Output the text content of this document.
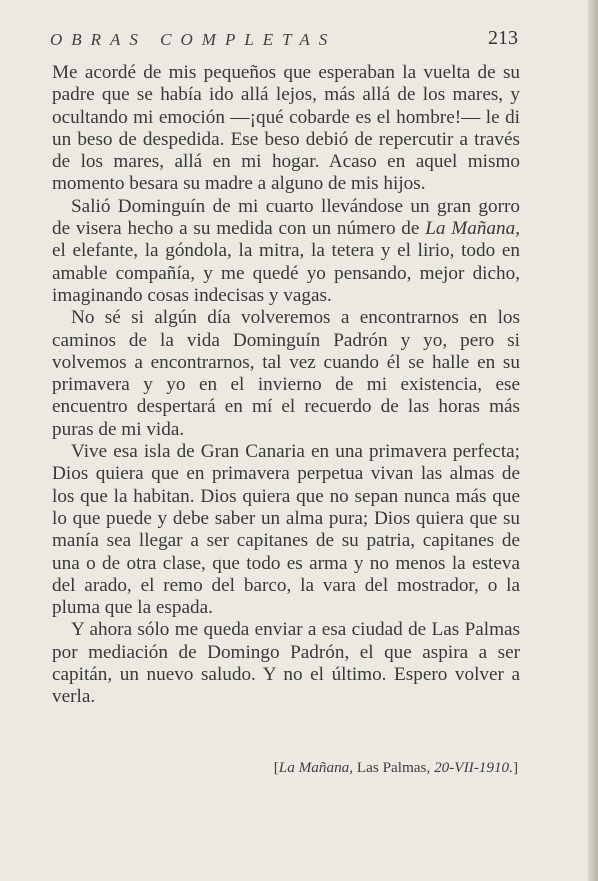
OBRAS COMPLETAS	213

Me acordé de mis pequeños que esperaban la vuelta de su padre que se había ido allá lejos, más allá de los mares, y ocultando mi emoción —¡qué cobarde es el hombre!— le di un beso de despedida. Ese beso debió de repercutir a través de los mares, allá en mi hogar. Acaso en aquel mismo momento besara su madre a alguno de mis hijos.

Salió Dominguín de mi cuarto llevándose un gran gorro de visera hecho a su medida con un número de La Mañana, el elefante, la góndola, la mitra, la tetera y el lirio, todo en amable compañía, y me quedé yo pensando, mejor dicho, imaginando cosas indecisas y vagas.

No sé si algún día volveremos a encontrarnos en los caminos de la vida Dominguín Padrón y yo, pero si volvemos a encontrarnos, tal vez cuando él se halle en su primavera y yo en el invierno de mi existencia, ese encuentro despertará en mí el recuerdo de las horas más puras de mi vida.

Vive esa isla de Gran Canaria en una primavera perfecta; Dios quiera que en primavera perpetua vivan las almas de los que la habitan. Dios quiera que no sepan nunca más que lo que puede y debe saber un alma pura; Dios quiera que su manía sea llegar a ser capitanes de su patria, capitanes de una o de otra clase, que todo es arma y no menos la esteva del arado, el remo del barco, la vara del mostrador, o la pluma que la espada.

Y ahora sólo me queda enviar a esa ciudad de Las Palmas por mediación de Domingo Padrón, el que aspira a ser capitán, un nuevo saludo. Y no el último. Espero volver a verla.

[La Mañana, Las Palmas, 20-VII-1910.]
